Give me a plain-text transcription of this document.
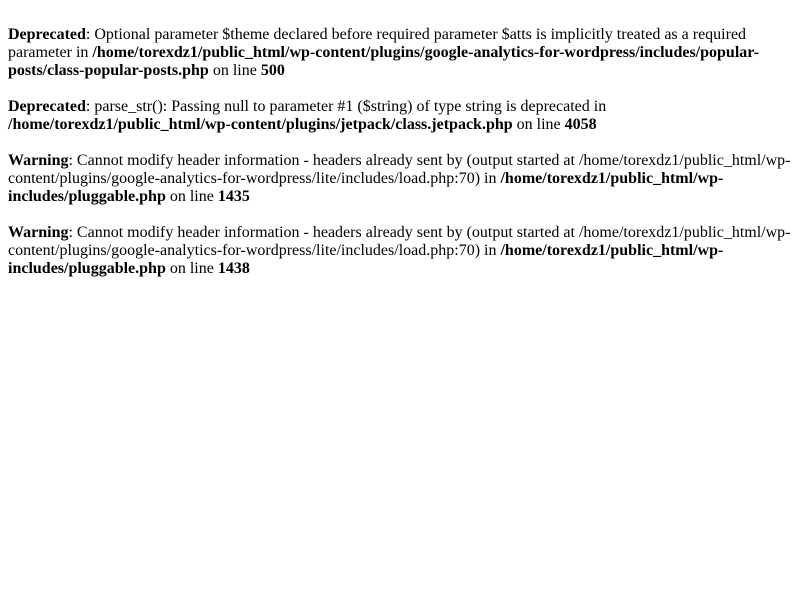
Deprecated: Optional parameter $theme declared before required parameter $atts is implicitly treated as a required parameter in /home/torexdz1/public_html/wp-content/plugins/google-analytics-for-wordpress/includes/popular-posts/class-popular-posts.php on line 500
Deprecated: parse_str(): Passing null to parameter #1 ($string) of type string is deprecated in /home/torexdz1/public_html/wp-content/plugins/jetpack/class.jetpack.php on line 4058
Warning: Cannot modify header information - headers already sent by (output started at /home/torexdz1/public_html/wp-content/plugins/google-analytics-for-wordpress/lite/includes/load.php:70) in /home/torexdz1/public_html/wp-includes/pluggable.php on line 1435
Warning: Cannot modify header information - headers already sent by (output started at /home/torexdz1/public_html/wp-content/plugins/google-analytics-for-wordpress/lite/includes/load.php:70) in /home/torexdz1/public_html/wp-includes/pluggable.php on line 1438
